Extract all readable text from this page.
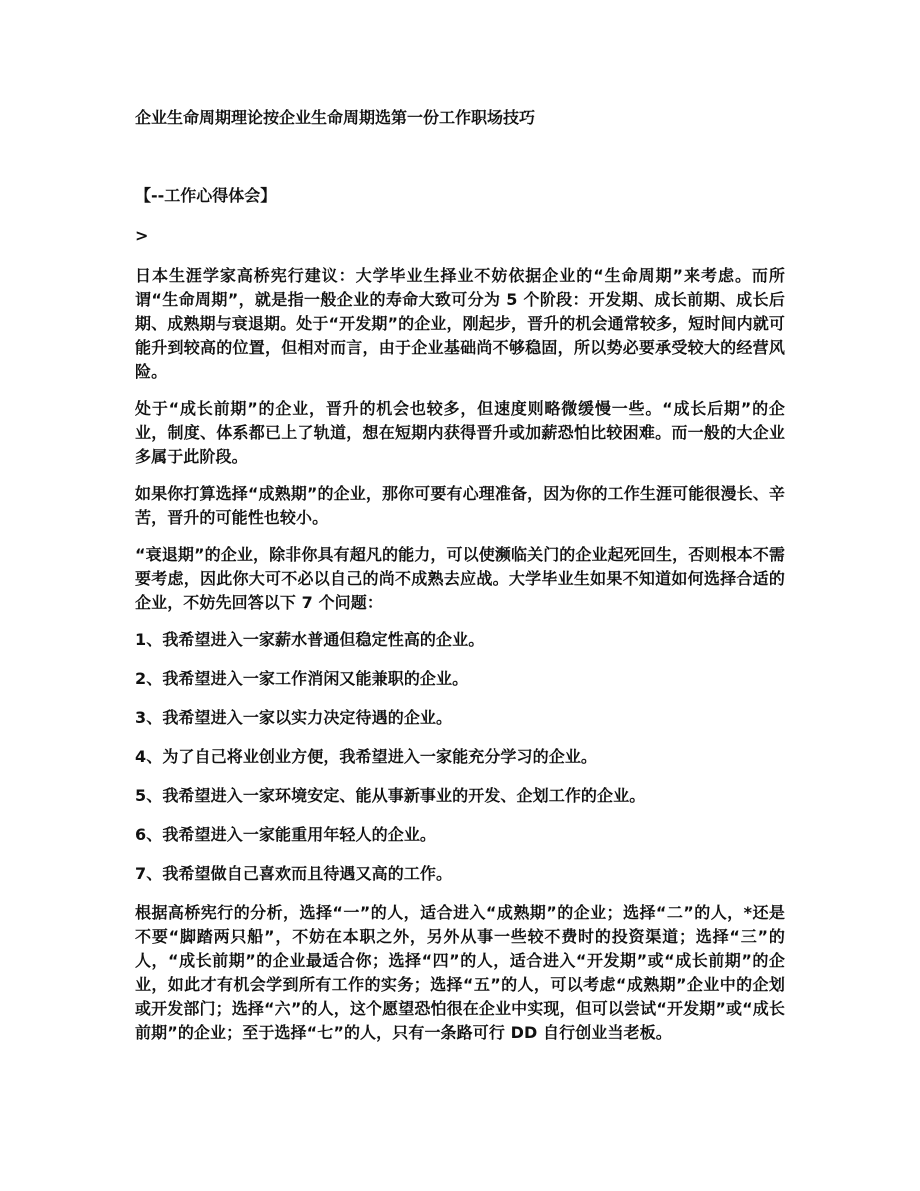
企业生命周期理论按企业生命周期选第一份工作职场技巧
【--工作心得体会】
>

日本生涯学家高桥宪行建议：大学毕业生择业不妨依据企业的“生命周期”来考虑。而所谓“生命周期”，就是指一般企业的寿命大致可分为 5 个阶段：开发期、成长前期、成长后期、成熟期与衰退期。处于“开发期”的企业，刚起步，晋升的机会通常较多，短时间内就可能升到较高的位置，但相对而言，由于企业基础尚不够稳固，所以势必要承受较大的经营风险。

处于“成长前期”的企业，晋升的机会也较多，但速度则略微缓慢一些。“成长后期”的企业，制度、体系都已上了轨道，想在短期内获得晋升或加薪恐怕比较困难。而一般的大企业多属于此阶段。

如果你打算选择“成熟期”的企业，那你可要有心理准备，因为你的工作生涯可能很漫长、辛苦，晋升的可能性也较小。

“衰退期”的企业，除非你具有超凡的能力，可以使濒临关门的企业起死回生，否则根本不需要考虑，因此你大可不必以自己的尚不成熟去应战。大学毕业生如果不知道如何选择合适的企业，不妨先回答以下 7 个问题：

1、我希望进入一家薪水普通但稳定性高的企业。

2、我希望进入一家工作消闲又能兼职的企业。

3、我希望进入一家以实力决定待遇的企业。

4、为了自己将业创业方便，我希望进入一家能充分学习的企业。

5、我希望进入一家环境安定、能从事新事业的开发、企划工作的企业。

6、我希望进入一家能重用年轻人的企业。

7、我希望做自己喜欢而且待遇又高的工作。

根据高桥宪行的分析，选择“一”的人，适合进入“成熟期”的企业；选择“二”的人，*还是不要“脚踏两只船”，不妨在本职之外，另外从事一些较不费时的投资渠道；选择“三”的人，“成长前期”的企业最适合你；选择“四”的人，适合进入“开发期”或“成长前期”的企业，如此才有机会学到所有工作的实务；选择“五”的人，可以考虑“成熟期”企业中的企划或开发部门；选择“六”的人，这个愿望恐怕很在企业中实现，但可以尝试“开发期”或“成长前期”的企业；至于选择“七”的人，只有一条路可行 DD 自行创业当老板。
